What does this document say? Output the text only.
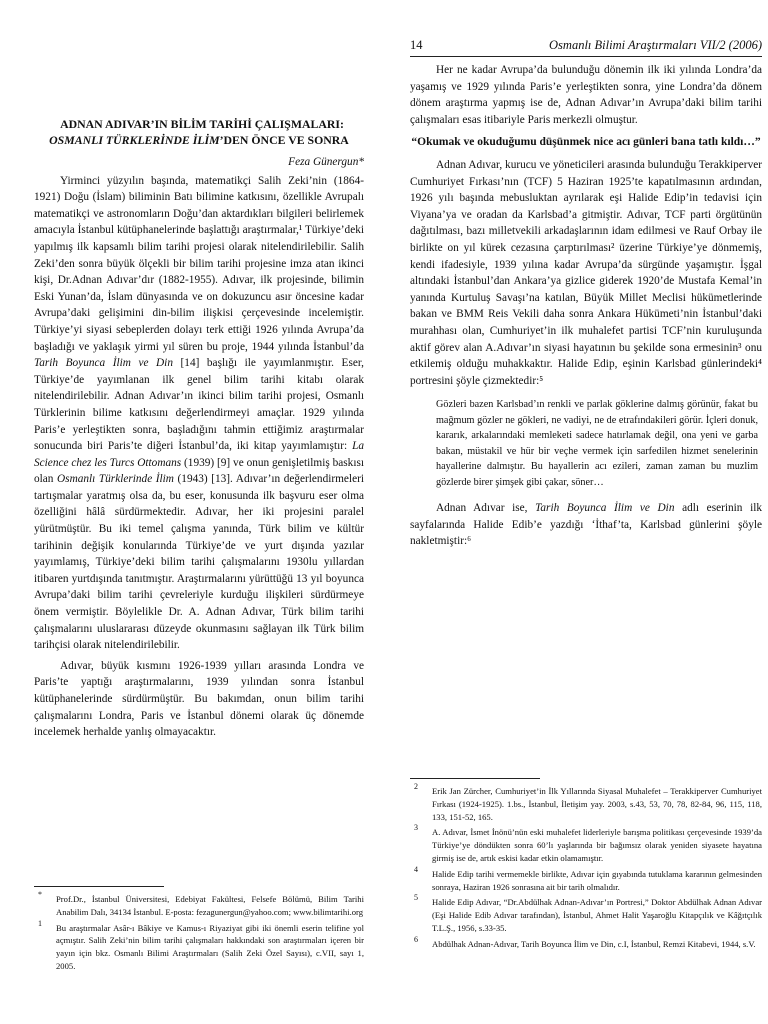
14	Osmanlı Bilimi Araştırmaları VII/2 (2006)
ADNAN ADIVAR’IN BİLİM TARİHİ ÇALIŞMALARI:
OSMANLI TÜRKLERİNDE İLİM’DEN ÖNCE VE SONRA
Feza Günergun*

Yirminci yüzyılın başında, matematikçi Salih Zeki’nin (1864-1921) Doğu (İslam) biliminin Batı bilimine katkısını, özellikle Avrupalı matematikçi ve astronomların Doğu’dan aktardıkları bilgileri belirlemek amacıyla İstanbul kütüphanelerinde başlattığı araştırmalar,¹ Türkiye’deki yapılmış ilk kapsamlı bilim tarihi projesi olarak nitelendirilebilir. Salih Zeki’den sonra büyük ölçekli bir bilim tarihi projesine imza atan ikinci kişi, Dr.Adnan Adıvar’dır (1882-1955). Adıvar, ilk projesinde, bilimin Eski Yunan’da, İslam dünyasında ve on dokuzuncu asır öncesine kadar Avrupa’daki gelişimini din-bilim ilişkisi çerçevesinde incelemiştir. Türkiye’yi siyasi sebeplerden dolayı terk ettiği 1926 yılında Avrupa’da başladığı ve yaklaşık yirmi yıl süren bu proje, 1944 yılında İstanbul’da Tarih Boyunca İlim ve Din [14] başlığı ile yayımlanmıştır. Eser, Türkiye’de yayımlanan ilk genel bilim tarihi kitabı olarak nitelendirilebilir. Adnan Adıvar’ın ikinci bilim tarihi projesi, Osmanlı Türklerinin bilime katkısını değerlendirmeyi amaçlar. 1929 yılında Paris’e yerleştikten sonra, başladığını tahmin ettiğimiz araştırmalar sonucunda biri Paris’te diğeri İstanbul’da, iki kitap yayımlamıştır: La Science chez les Turcs Ottomans (1939) [9] ve onun genişletilmiş baskısı olan Osmanlı Türklerinde İlim (1943) [13]. Adıvar’ın değerlendirmeleri tartışmalar yaratmış olsa da, bu eser, konusunda ilk başvuru eser olma özelliğini hâlâ sürdürmektedir. Adıvar, her iki projesini paralel yürütmüştür. Bu iki temel çalışma yanında, Türk bilim ve kültür tarihinin değişik konularında Türkiye’de ve yurt dışında yazılar yayımlamış, Türkiye’deki bilim tarihi çalışmalarını 1930lu yıllardan itibaren yurtdışında tanıtmıştır. Araştırmalarını yürüttüğü 13 yıl boyunca Avrupa’daki bilim tarihi çevreleriyle kurduğu ilişkileri sürdürmeye önem vermiştir. Böylelikle Dr. A. Adnan Adıvar, Türk bilim tarihi çalışmalarını uluslararası düzeyde okunmasını sağlayan ilk Türk bilim tarihçisi olarak nitelendirilebilir.

Adıvar, büyük kısmını 1926-1939 yılları arasında Londra ve Paris’te yaptığı araştırmalarını, 1939 yılından sonra İstanbul kütüphanelerinde sürdürmüştür. Bu bakımdan, onun bilim tarihi çalışmalarını Londra, Paris ve İstanbul dönemi olarak üç dönemde incelemek herhalde yanlış olmayacaktır.

Her ne kadar Avrupa’da bulunduğu dönemin ilk iki yılında Londra’da yaşamış ve 1929 yılında Paris’e yerleştikten sonra, yine Londra’da dönem dönem araştırma yapmış ise de, Adnan Adıvar’ın Avrupa’daki bilim tarihi çalışmaları esas itibariyle Paris merkezli olmuştur.

“Okumak ve okuduğumu düşünmek nice acı günleri bana tatlı kıldı…”

Adnan Adıvar, kurucu ve yöneticileri arasında bulunduğu Terakkiperver Cumhuriyet Fırkası’nın (TCF) 5 Haziran 1925’te kapatılmasının ardından, 1926 yılı başında mebusluktan ayrılarak eşi Halide Edip’in tedavisi için Viyana’ya ve oradan da Karlsbad’a gitmiştir. Adıvar, TCF parti örgütünün dağıtılması, bazı milletvekili arkadaşlarının idam edilmesi ve Rauf Orbay ile birlikte on yıl kürek cezasına çarptırılması² üzerine Türkiye’ye dönmemiş, kendi ifadesiyle, 1939 yılına kadar Avrupa’da sürgünde yaşamıştır. İşgal altındaki İstanbul’dan Ankara’ya gizlice giderek 1920’de Mustafa Kemal’in yanında Kurtuluş Savaşı’na katılan, Büyük Millet Meclisi hükümetlerinde bakan ve BMM Reis Vekili daha sonra Ankara Hükümeti’nin İstanbul’daki murahhası olan, Cumhuriyet’in ilk muhalefet partisi TCF’nin kuruluşunda aktif görev alan A.Adıvar’ın siyasi hayatının bu şekilde sona ermesinin³ onu etkilemiş olduğu muhakkaktır. Halide Edip, eşinin Karlsbad günlerindeki⁴ portresini şöyle çizmektedir:⁵

Gözleri bazen Karlsbad’ın renkli ve parlak göklerine dalmış görünür, fakat bu mağmum gözler ne gökleri, ne vadiyi, ne de etrafındakileri görür. İçleri donuk, kararık, arkalarındaki memleketi sadece hatırlamak değil, ona yeni ve garba bakan, müstakil ve hür bir veçhe vermek için sarfedilen hizmet senelerinin hayallerine dalmıştır. Bu hayallerin acı ezileri, zaman zaman bu muzlim gözlerde birer şimşek gibi çakar, söner…

Adnan Adıvar ise, Tarih Boyunca İlim ve Din adlı eserinin ilk sayfalarında Halide Edib’e yazdığı ‘İthaf’ta, Karlsbad günlerini şöyle nakletmiştir:⁶

* Prof.Dr., İstanbul Üniversitesi, Edebiyat Fakültesi, Felsefe Bölümü, Bilim Tarihi Anabilim Dalı, 34134 İstanbul. E-posta: fezagunergun@yahoo.com; www.bilimtarihi.org
1 Bu araştırmalar Asâr-ı Bâkiye ve Kamus-ı Riyaziyat gibi iki önemli eserin telifine yol açmıştır. Salih Zeki’nin bilim tarihi çalışmaları hakkındaki son araştırmaları içeren bir yayın için bkz. Osmanlı Bilimi Araştırmaları (Salih Zeki Özel Sayısı), c.VII, sayı 1, 2005.
2 Erik Jan Zürcher, Cumhuriyet’in İlk Yıllarında Siyasal Muhalefet – Terakkiperver Cumhuriyet Fırkası (1924-1925). 1.bs., İstanbul, İletişim yay. 2003, s.43, 53, 70, 78, 82-84, 96, 115, 118, 133, 151-52, 165.
3 A. Adıvar, İsmet İnönü’nün eski muhalefet liderleriyle barışma politikası çerçevesinde 1939’da Türkiye’ye döndükten sonra 60’lı yaşlarında bir bağımsız olarak yeniden siyasete hayatına girmiş ise de, artık eskisi kadar etkin olamamıştır.
4 Halide Edip tarihi vermemekle birlikte, Adıvar için gıyabında tutuklama kararının gelmesinden sonraya, Haziran 1926 sonrasına ait bir tarih olmalıdır.
5 Halide Edip Adıvar, “Dr.Abdülhak Adnan-Adıvar’ın Portresi,” Doktor Abdülhak Adnan Adıvar (Eşi Halide Edib Adıvar tarafından), İstanbul, Ahmet Halit Yaşaroğlu Kitapçılık ve Kâğıtçılık T.L.Ş., 1956, s.33-35.
6 Abdülhak Adnan-Adıvar, Tarih Boyunca İlim ve Din, c.I, İstanbul, Remzi Kitabevi, 1944, s.V.
